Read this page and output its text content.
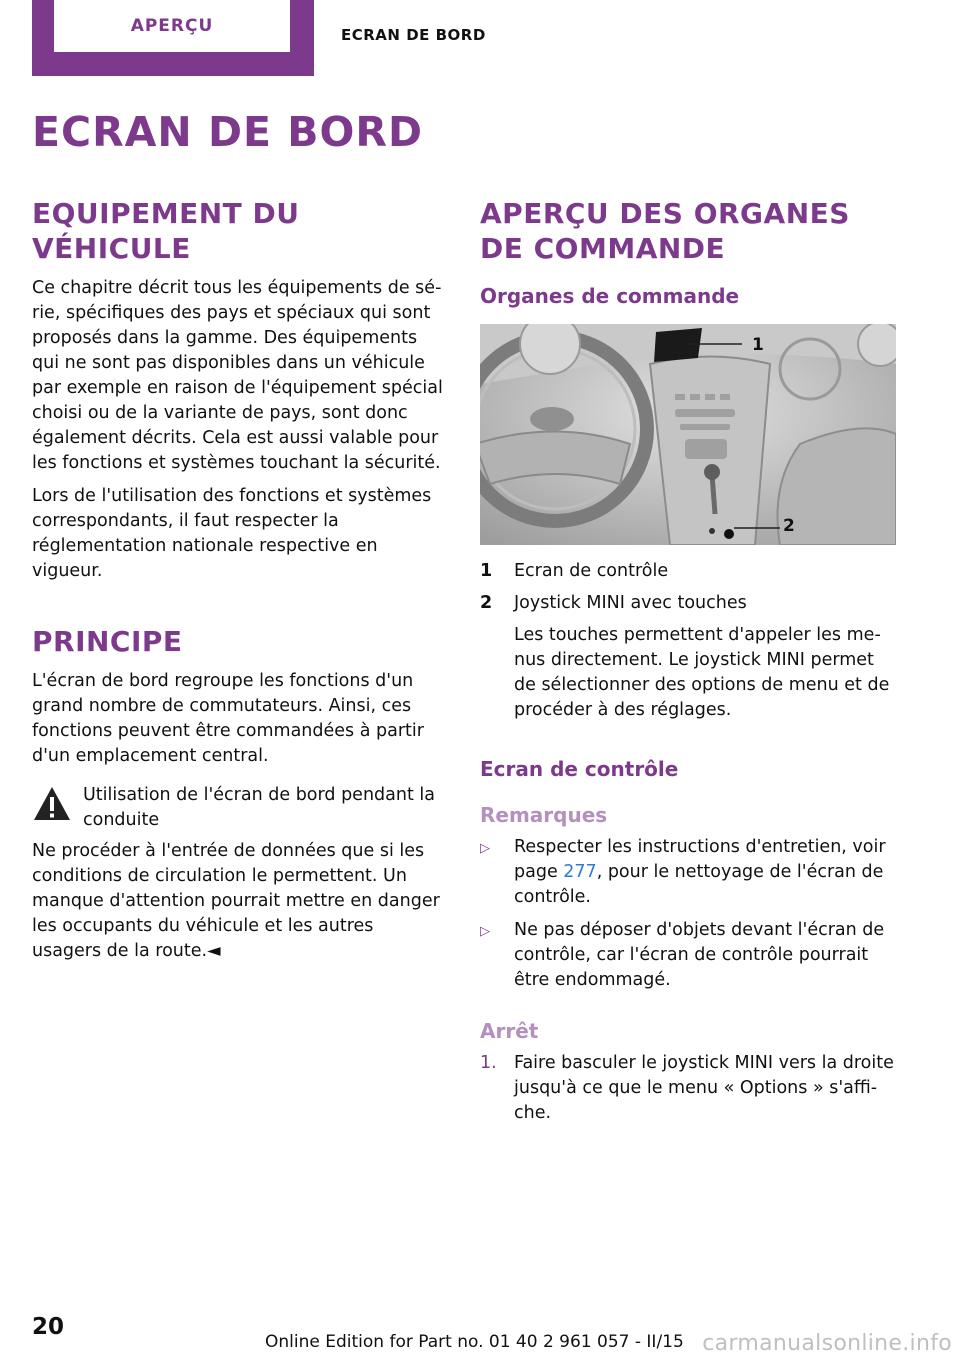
APERÇU	ECRAN DE BORD
ECRAN DE BORD
EQUIPEMENT DU VÉHICULE

Ce chapitre décrit tous les équipements de série, spécifiques des pays et spéciaux qui sont proposés dans la gamme. Des équipements qui ne sont pas disponibles dans un véhicule par exemple en raison de l'équipement spécial choisi ou de la variante de pays, sont donc également décrits. Cela est aussi valable pour les fonctions et systèmes touchant la sécurité.

Lors de l'utilisation des fonctions et systèmes correspondants, il faut respecter la réglementation nationale respective en vigueur.

PRINCIPE

L'écran de bord regroupe les fonctions d'un grand nombre de commutateurs. Ainsi, ces fonctions peuvent être commandées à partir d'un emplacement central.

Utilisation de l'écran de bord pendant la conduite

Ne procéder à l'entrée de données que si les conditions de circulation le permettent. Un manque d'attention pourrait mettre en danger les occupants du véhicule et les autres usagers de la route.◄

APERÇU DES ORGANES DE COMMANDE
Organes de commande
1
2
1	Ecran de contrôle
2	Joystick MINI avec touches

Les touches permettent d'appeler les menus directement. Le joystick MINI permet de sélectionner des options de menu et de procéder à des réglages.

Ecran de contrôle
Remarques
▷	Respecter les instructions d'entretien, voir page 277, pour le nettoyage de l'écran de contrôle.
▷	Ne pas déposer d'objets devant l'écran de contrôle, car l'écran de contrôle pourrait être endommagé.
Arrêt
1. Faire basculer le joystick MINI vers la droite jusqu'à ce que le menu « Options » s'affiche.
20
Online Edition for Part no. 01 40 2 961 057 - II/15 carmanualsonline.info
